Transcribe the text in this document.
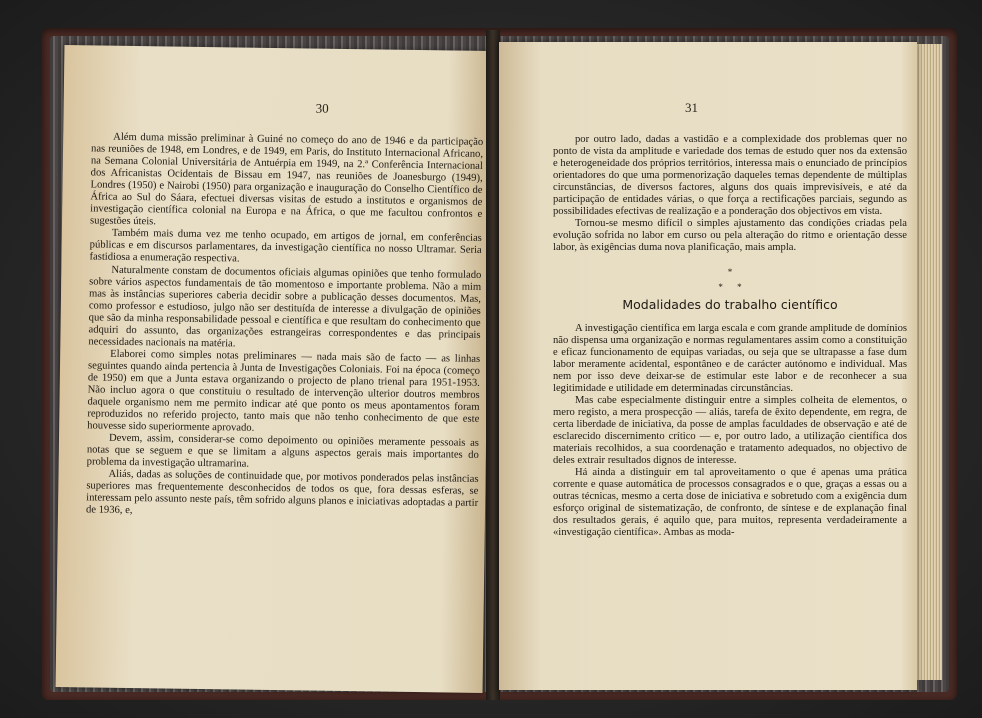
30

Além duma missão preliminar à Guiné no começo do ano de 1946 e da participação nas reuniões de 1948, em Londres, e de 1949, em Paris, do Instituto Internacional Africano, na Semana Colonial Universitária de Antuérpia em 1949, na 2.ª Conferência Internacional dos Africanistas Ocidentais de Bissau em 1947, nas reuniões de Joanesburgo (1949), Londres (1950) e Nairobi (1950) para organização e inauguração do Conselho Científico de África ao Sul do Sáara, efectuei diversas visitas de estudo a institutos e organismos de investigação científica colonial na Europa e na África, o que me facultou confrontos e sugestões úteis.

Também mais duma vez me tenho ocupado, em artigos de jornal, em conferências públicas e em discursos parlamentares, da investigação científica no nosso Ultramar. Seria fastidiosa a enumeração respectiva.

Naturalmente constam de documentos oficiais algumas opiniões que tenho formulado sobre vários aspectos fundamentais de tão momentoso e importante problema. Não a mim mas às instâncias superiores caberia decidir sobre a publicação desses documentos. Mas, como professor e estudioso, julgo não ser destituída de interesse a divulgação de opiniões que são da minha responsabilidade pessoal e científica e que resultam do conhecimento que adquiri do assunto, das organizações estrangeiras correspondentes e das principais necessidades nacionais na matéria.

Elaborei como simples notas preliminares — nada mais são de facto — as linhas seguintes quando ainda pertencia à Junta de Investigações Coloniais. Foi na época (começo de 1950) em que a Junta estava organizando o projecto de plano trienal para 1951-1953. Não incluo agora o que constituiu o resultado de intervenção ulterior doutros membros daquele organismo nem me permito indicar até que ponto os meus apontamentos foram reproduzidos no referido projecto, tanto mais que não tenho conhecimento de que este houvesse sido superiormente aprovado.

Devem, assim, considerar-se como depoimento ou opiniões meramente pessoais as notas que se seguem e que se limitam a alguns aspectos gerais mais importantes do problema da investigação ultramarina.

Aliás, dadas as soluções de continuidade que, por motivos ponderados pelas instâncias superiores mas frequentemente desconhecidos de todos os que, fora dessas esferas, se interessam pelo assunto neste país, têm sofrido alguns planos e iniciativas adoptadas a partir de 1936, e,

31

por outro lado, dadas a vastidão e a complexidade dos problemas quer no ponto de vista da amplitude e variedade dos temas de estudo quer nos da extensão e heterogeneidade dos próprios territórios, interessa mais o enunciado de princípios orientadores do que uma pormenorização daqueles temas dependente de múltiplas circunstâncias, de diversos factores, alguns dos quais imprevisíveis, e até da participação de entidades várias, o que força a rectificações parciais, segundo as possibilidades efectivas de realização e a ponderação dos objectivos em vista.

Tornou-se mesmo difícil o simples ajustamento das condições criadas pela evolução sofrida no labor em curso ou pela alteração do ritmo e orientação desse labor, às exigências duma nova planificação, mais ampla.

*
* *
Modalidades do trabalho científico

A investigação científica em larga escala e com grande amplitude de domínios não dispensa uma organização e normas regulamentares assim como a constituição e eficaz funcionamento de equipas variadas, ou seja que se ultrapasse a fase dum labor meramente acidental, espontâneo e de carácter autónomo e individual. Mas nem por isso deve deixar-se de estimular este labor e de reconhecer a sua legitimidade e utilidade em determinadas circunstâncias.

Mas cabe especialmente distinguir entre a simples colheita de elementos, o mero registo, a mera prospecção — aliás, tarefa de êxito dependente, em regra, de certa liberdade de iniciativa, da posse de amplas faculdades de observação e até de esclarecido discernimento crítico — e, por outro lado, a utilização científica dos materiais recolhidos, a sua coordenação e tratamento adequados, no objectivo de deles extrair resultados dignos de interesse.

Há ainda a distinguir em tal aproveitamento o que é apenas uma prática corrente e quase automática de processos consagrados e o que, graças a essas ou a outras técnicas, mesmo a certa dose de iniciativa e sobretudo com a exigência dum esforço original de sistematização, de confronto, de síntese e de explanação final dos resultados gerais, é aquilo que, para muitos, representa verdadeiramente a «investigação científica». Ambas as moda-
